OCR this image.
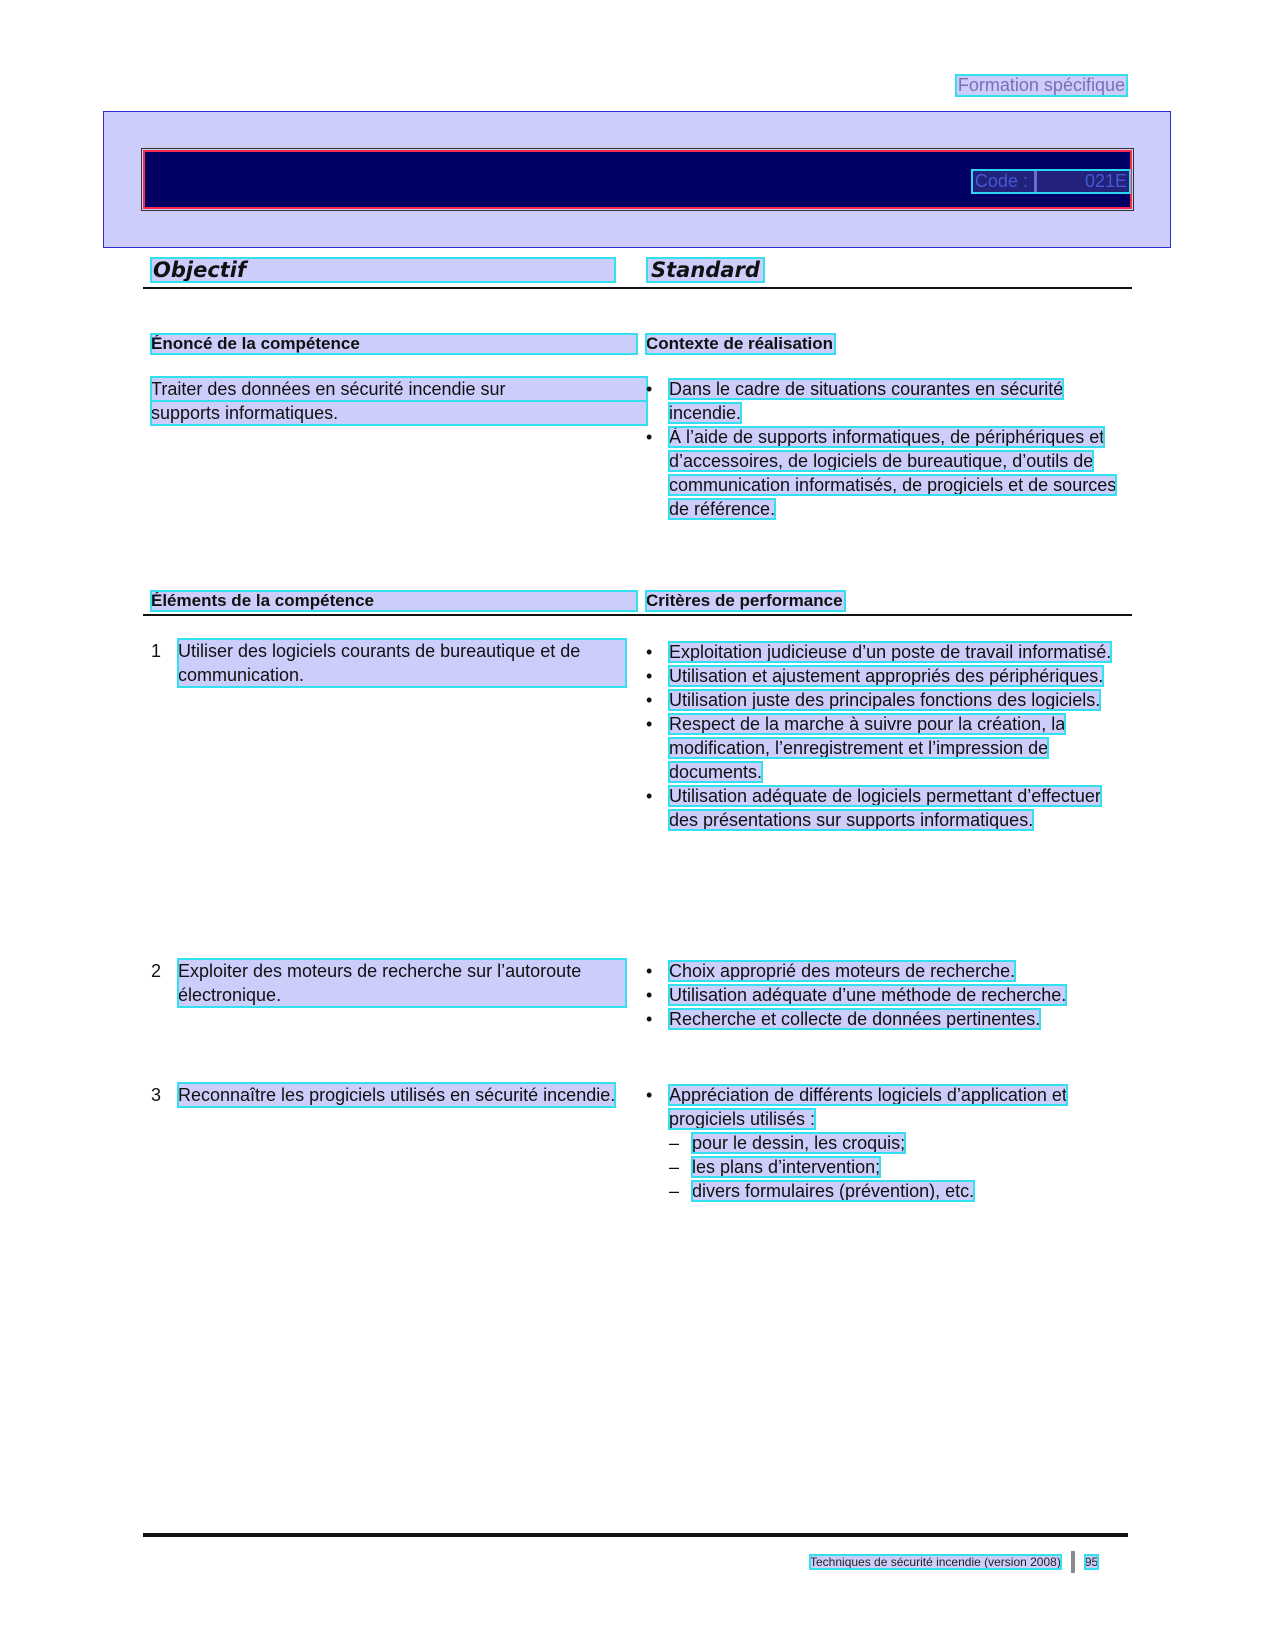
Formation spécifique
Code :	021E
Objectif	Standard
Énoncé de la compétence	Contexte de réalisation
Traiter des données en sécurité incendie sur
supports informatiques.
• Dans le cadre de situations courantes en sécurité incendie.
• À l’aide de supports informatiques, de périphériques et d’accessoires, de logiciels de bureautique, d’outils de communication informatisés, de progiciels et de sources de référence.
Éléments de la compétence	Critères de performance
1 Utiliser des logiciels courants de bureautique et de communication.
• Exploitation judicieuse d’un poste de travail informatisé.
• Utilisation et ajustement appropriés des périphériques.
• Utilisation juste des principales fonctions des logiciels.
• Respect de la marche à suivre pour la création, la modification, l’enregistrement et l’impression de documents.
• Utilisation adéquate de logiciels permettant d’effectuer des présentations sur supports informatiques.
2 Exploiter des moteurs de recherche sur l’autoroute électronique.
• Choix approprié des moteurs de recherche.
• Utilisation adéquate d’une méthode de recherche.
• Recherche et collecte de données pertinentes.
3 Reconnaître les progiciels utilisés en sécurité incendie. • Appréciation de différents logiciels d’application et progiciels utilisés :
– pour le dessin, les croquis;
– les plans d’intervention;
– divers formulaires (prévention), etc.
Techniques de sécurité incendie (version 2008) 95
